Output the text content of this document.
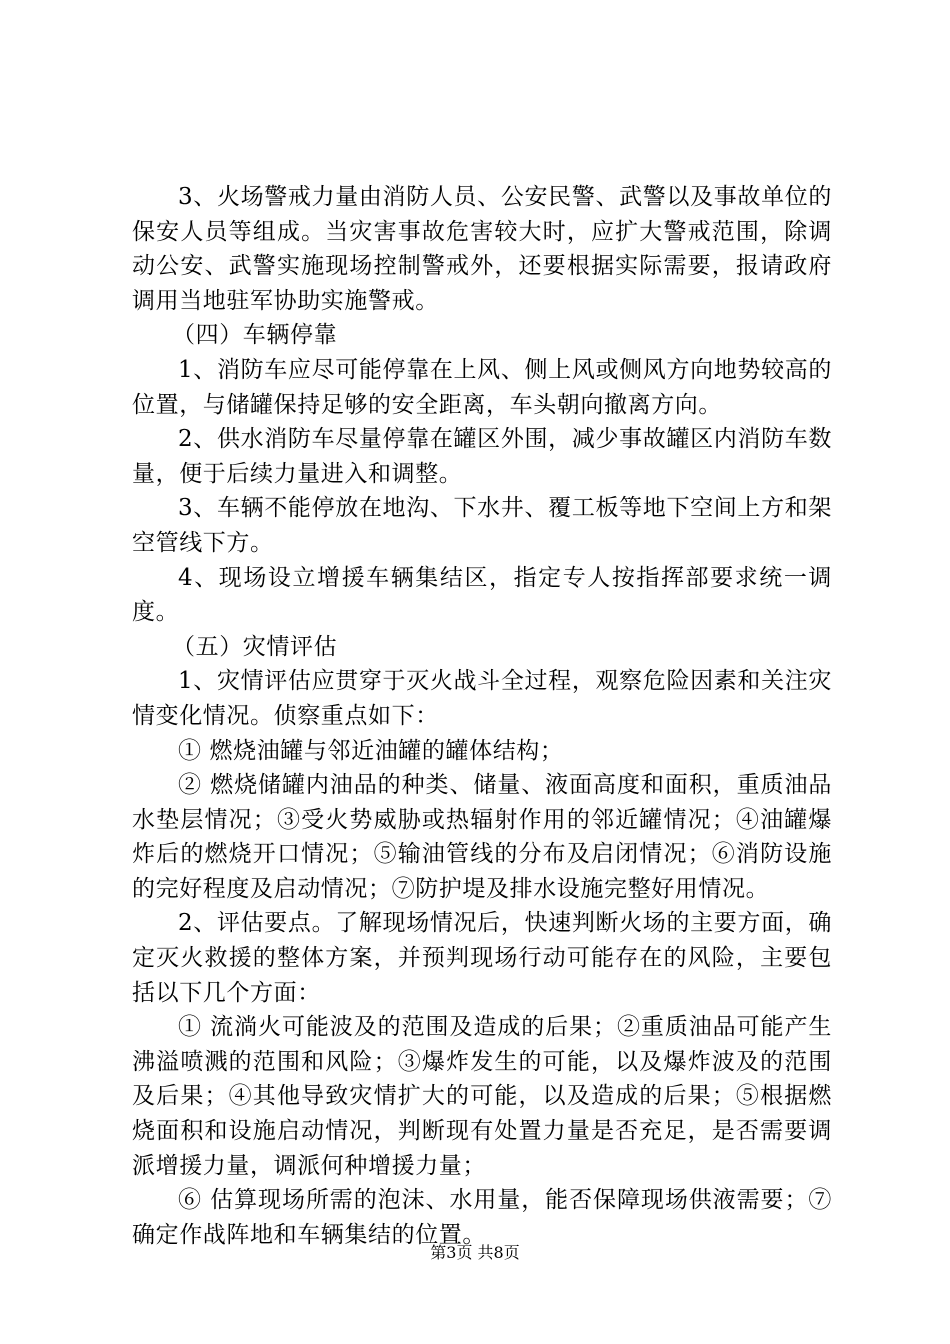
3、火场警戒力量由消防人员、公安民警、武警以及事故单位的保安人员等组成。当灾害事故危害较大时，应扩大警戒范围，除调动公安、武警实施现场控制警戒外，还要根据实际需要，报请政府调用当地驻军协助实施警戒。

（四）车辆停靠

1、消防车应尽可能停靠在上风、侧上风或侧风方向地势较高的位置，与储罐保持足够的安全距离，车头朝向撤离方向。

2、供水消防车尽量停靠在罐区外围，减少事故罐区内消防车数量，便于后续力量进入和调整。

3、车辆不能停放在地沟、下水井、覆工板等地下空间上方和架空管线下方。

4、现场设立增援车辆集结区，指定专人按指挥部要求统一调度。

（五）灾情评估

1、灾情评估应贯穿于灭火战斗全过程，观察危险因素和关注灾情变化情况。侦察重点如下：

① 燃烧油罐与邻近油罐的罐体结构；

② 燃烧储罐内油品的种类、储量、液面高度和面积，重质油品水垫层情况；③受火势威胁或热辐射作用的邻近罐情况；④油罐爆炸后的燃烧开口情况；⑤输油管线的分布及启闭情况；⑥消防设施的完好程度及启动情况；⑦防护堤及排水设施完整好用情况。

2、评估要点。了解现场情况后，快速判断火场的主要方面，确定灭火救援的整体方案，并预判现场行动可能存在的风险，主要包括以下几个方面：

① 流淌火可能波及的范围及造成的后果；②重质油品可能产生沸溢喷溅的范围和风险；③爆炸发生的可能，以及爆炸波及的范围及后果；④其他导致灾情扩大的可能，以及造成的后果；⑤根据燃烧面积和设施启动情况，判断现有处置力量是否充足，是否需要调派增援力量，调派何种增援力量；

⑥ 估算现场所需的泡沫、水用量，能否保障现场供液需要；⑦确定作战阵地和车辆集结的位置。

第3页 共8页
